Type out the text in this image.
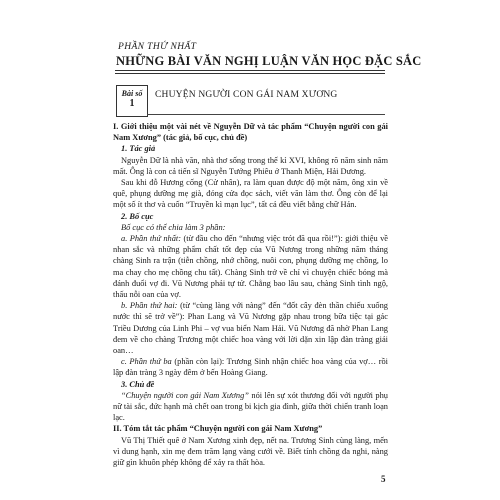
PHẦN THỨ NHẤT
NHỮNG BÀI VĂN NGHỊ LUẬN VĂN HỌC ĐẶC SẮC
Bài số
1
CHUYỆN NGƯỜI CON GÁI NAM XƯƠNG

I. Giới thiệu một vài nét về Nguyễn Dữ và tác phẩm “Chuyện người con gái Nam Xương” (tác giả, bố cục, chủ đề)

1. Tác giả

Nguyễn Dữ là nhà văn, nhà thơ sống trong thế kỉ XVI, không rõ năm sinh năm mất. Ông là con cả tiến sĩ Nguyễn Tướng Phiêu ở Thanh Miện, Hải Dương.

Sau khi đỗ Hương cống (Cử nhân), ra làm quan được độ một năm, ông xin về quê, phụng dưỡng mẹ già, đóng cửa đọc sách, viết văn làm thơ. Ông còn để lại một số ít thơ và cuốn “Truyền kì mạn lục”, tất cả đều viết bằng chữ Hán.

2. Bố cục

Bố cục có thể chia làm 3 phần:

a. Phần thứ nhất: (từ đầu cho đến “nhưng việc trót đã qua rồi!”): giới thiệu về nhan sắc và những phẩm chất tốt đẹp của Vũ Nương trong những năm tháng chàng Sinh ra trận (tiễn chồng, nhớ chồng, nuôi con, phụng dưỡng mẹ chồng, lo ma chay cho mẹ chồng chu tất). Chàng Sinh trở về chỉ vì chuyện chiếc bóng mà đánh đuổi vợ đi. Vũ Nương phải tự tử. Chẳng bao lâu sau, chàng Sinh tình ngộ, thấu nỗi oan của vợ.

b. Phần thứ hai: (từ “cùng làng với nàng” đến “đốt cây đèn thần chiếu xuống nước thì sẽ trở về”): Phan Lang và Vũ Nương gặp nhau trong bữa tiệc tại gác Triều Dương của Linh Phi – vợ vua biển Nam Hải. Vũ Nương đã nhờ Phan Lang đem về cho chàng Trương một chiếc hoa vàng với lời dặn xin lập đàn tràng giải oan…

c. Phần thứ ba (phần còn lại): Trương Sinh nhận chiếc hoa vàng của vợ… rồi lập đàn tràng 3 ngày đêm ở bến Hoàng Giang.

3. Chủ đề

“Chuyện người con gái Nam Xương” nói lên sự xót thương đối với người phụ nữ tài sắc, đức hạnh mà chết oan trong bi kịch gia đình, giữa thời chiến tranh loạn lạc.

II. Tóm tắt tác phẩm “Chuyện người con gái Nam Xương”

Vũ Thị Thiết quê ở Nam Xương xinh đẹp, nết na. Trương Sinh cùng làng, mến vì dung hạnh, xin mẹ đem trăm lạng vàng cưới về. Biết tính chồng đa nghi, nàng giữ gìn khuôn phép không để xảy ra thất hòa.

5
